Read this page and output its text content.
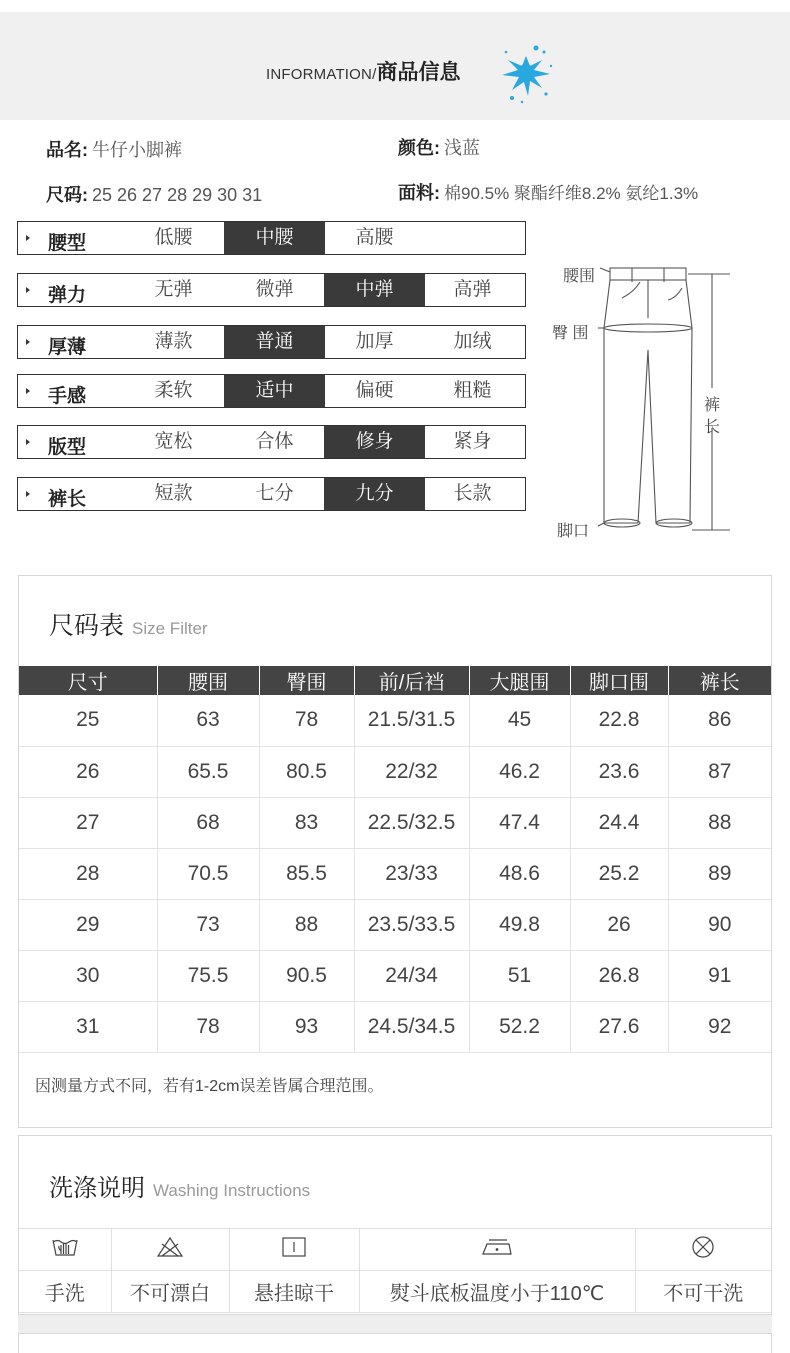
INFORMATION/ 商品信息
品名: 牛仔小脚裤	颜色: 浅蓝
尺码: 25 26 27 28 29 30 31	面料: 棉90.5% 聚酯纤维8.2% 氨纶1.3%
腰型	低腰	中腰	高腰
弹力	无弹	微弹	中弹	高弹
厚薄	薄款	普通	加厚	加绒
手感	柔软	适中	偏硬	粗糙
版型	宽松	合体	修身	紧身
裤长	短款	七分	九分	长款
腰围
臀 围
裤
长
脚口
尺码表 Size Filter
尺寸	腰围	臀围	前/后裆	大腿围	脚口围	裤长
25	63	78	21.5/31.5	45	22.8	86
26	65.5	80.5	22/32	46.2	23.6	87
27	68	83	22.5/32.5	47.4	24.4	88
28	70.5	85.5	23/33	48.6	25.2	89
29	73	88	23.5/33.5	49.8	26	90
30	75.5	90.5	24/34	51	26.8	91
31	78	93	24.5/34.5	52.2	27.6	92
因测量方式不同，若有1-2cm误差皆属合理范围。
洗涤说明 Washing Instructions

手洗	不可漂白	悬挂晾干	熨斗底板温度小于110℃	不可干洗
